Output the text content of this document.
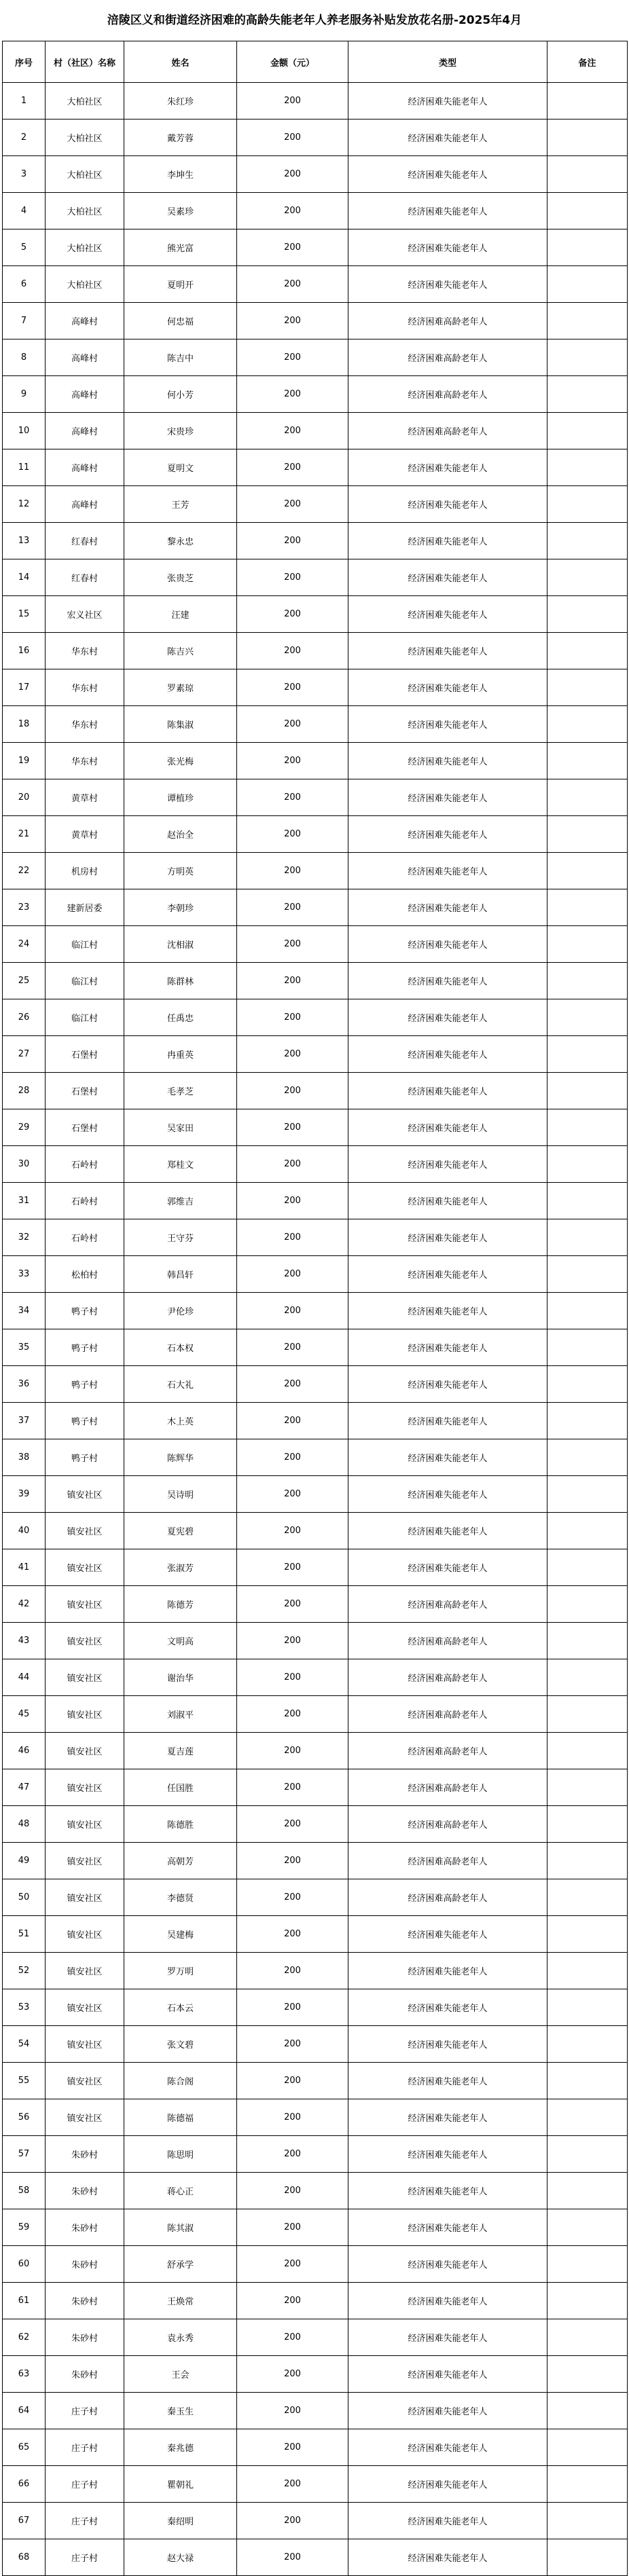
涪陵区义和街道经济困难的高龄失能老年人养老服务补贴发放花名册-2025年4月
序号	村（社区）名称	姓名	金额（元）	类型	备注
1	大柏社区	朱红珍	200	经济困难失能老年人	
2	大柏社区	戴芳蓉	200	经济困难失能老年人	
3	大柏社区	李坤生	200	经济困难失能老年人	
4	大柏社区	吴素珍	200	经济困难失能老年人	
5	大柏社区	熊光富	200	经济困难失能老年人	
6	大柏社区	夏明开	200	经济困难失能老年人	
7	高峰村	何忠福	200	经济困难高龄老年人	
8	高峰村	陈吉中	200	经济困难高龄老年人	
9	高峰村	何小芳	200	经济困难高龄老年人	
10	高峰村	宋贵珍	200	经济困难高龄老年人	
11	高峰村	夏明文	200	经济困难失能老年人	
12	高峰村	王芳	200	经济困难失能老年人	
13	红春村	黎永忠	200	经济困难失能老年人	
14	红春村	张贵芝	200	经济困难失能老年人	
15	宏义社区	汪建	200	经济困难失能老年人	
16	华东村	陈吉兴	200	经济困难失能老年人	
17	华东村	罗素琼	200	经济困难失能老年人	
18	华东村	陈集淑	200	经济困难失能老年人	
19	华东村	张光梅	200	经济困难失能老年人	
20	黄草村	谭植珍	200	经济困难失能老年人	
21	黄草村	赵治全	200	经济困难失能老年人	
22	机房村	方明英	200	经济困难失能老年人	
23	建新居委	李朝珍	200	经济困难失能老年人	
24	临江村	沈相淑	200	经济困难失能老年人	
25	临江村	陈群林	200	经济困难失能老年人	
26	临江村	任禹忠	200	经济困难失能老年人	
27	石堡村	冉重英	200	经济困难失能老年人	
28	石堡村	毛孝芝	200	经济困难失能老年人	
29	石堡村	吴家田	200	经济困难失能老年人	
30	石岭村	郑桂文	200	经济困难失能老年人	
31	石岭村	郭维吉	200	经济困难失能老年人	
32	石岭村	王守芬	200	经济困难失能老年人	
33	松柏村	韩昌轩	200	经济困难失能老年人	
34	鸭子村	尹伦珍	200	经济困难失能老年人	
35	鸭子村	石本权	200	经济困难失能老年人	
36	鸭子村	石大礼	200	经济困难失能老年人	
37	鸭子村	木上英	200	经济困难失能老年人	
38	鸭子村	陈辉华	200	经济困难失能老年人	
39	镇安社区	吴诗明	200	经济困难失能老年人	
40	镇安社区	夏宪碧	200	经济困难失能老年人	
41	镇安社区	张淑芳	200	经济困难失能老年人	
42	镇安社区	陈德芳	200	经济困难高龄老年人	
43	镇安社区	文明高	200	经济困难高龄老年人	
44	镇安社区	谢治华	200	经济困难高龄老年人	
45	镇安社区	刘淑平	200	经济困难高龄老年人	
46	镇安社区	夏吉莲	200	经济困难高龄老年人	
47	镇安社区	任国胜	200	经济困难高龄老年人	
48	镇安社区	陈德胜	200	经济困难高龄老年人	
49	镇安社区	高朝芳	200	经济困难高龄老年人	
50	镇安社区	李德贤	200	经济困难高龄老年人	
51	镇安社区	吴建梅	200	经济困难失能老年人	
52	镇安社区	罗万明	200	经济困难失能老年人	
53	镇安社区	石本云	200	经济困难失能老年人	
54	镇安社区	张文碧	200	经济困难失能老年人	
55	镇安社区	陈合阁	200	经济困难失能老年人	
56	镇安社区	陈德福	200	经济困难失能老年人	
57	朱砂村	陈思明	200	经济困难失能老年人	
58	朱砂村	蒋心正	200	经济困难失能老年人	
59	朱砂村	陈其淑	200	经济困难失能老年人	
60	朱砂村	舒承学	200	经济困难失能老年人	
61	朱砂村	王焕常	200	经济困难失能老年人	
62	朱砂村	袁永秀	200	经济困难失能老年人	
63	朱砂村	王会	200	经济困难失能老年人	
64	庄子村	秦玉生	200	经济困难失能老年人	
65	庄子村	秦兆德	200	经济困难失能老年人	
66	庄子村	瞿朝礼	200	经济困难失能老年人	
67	庄子村	秦绍明	200	经济困难失能老年人	
68	庄子村	赵大禄	200	经济困难失能老年人	
